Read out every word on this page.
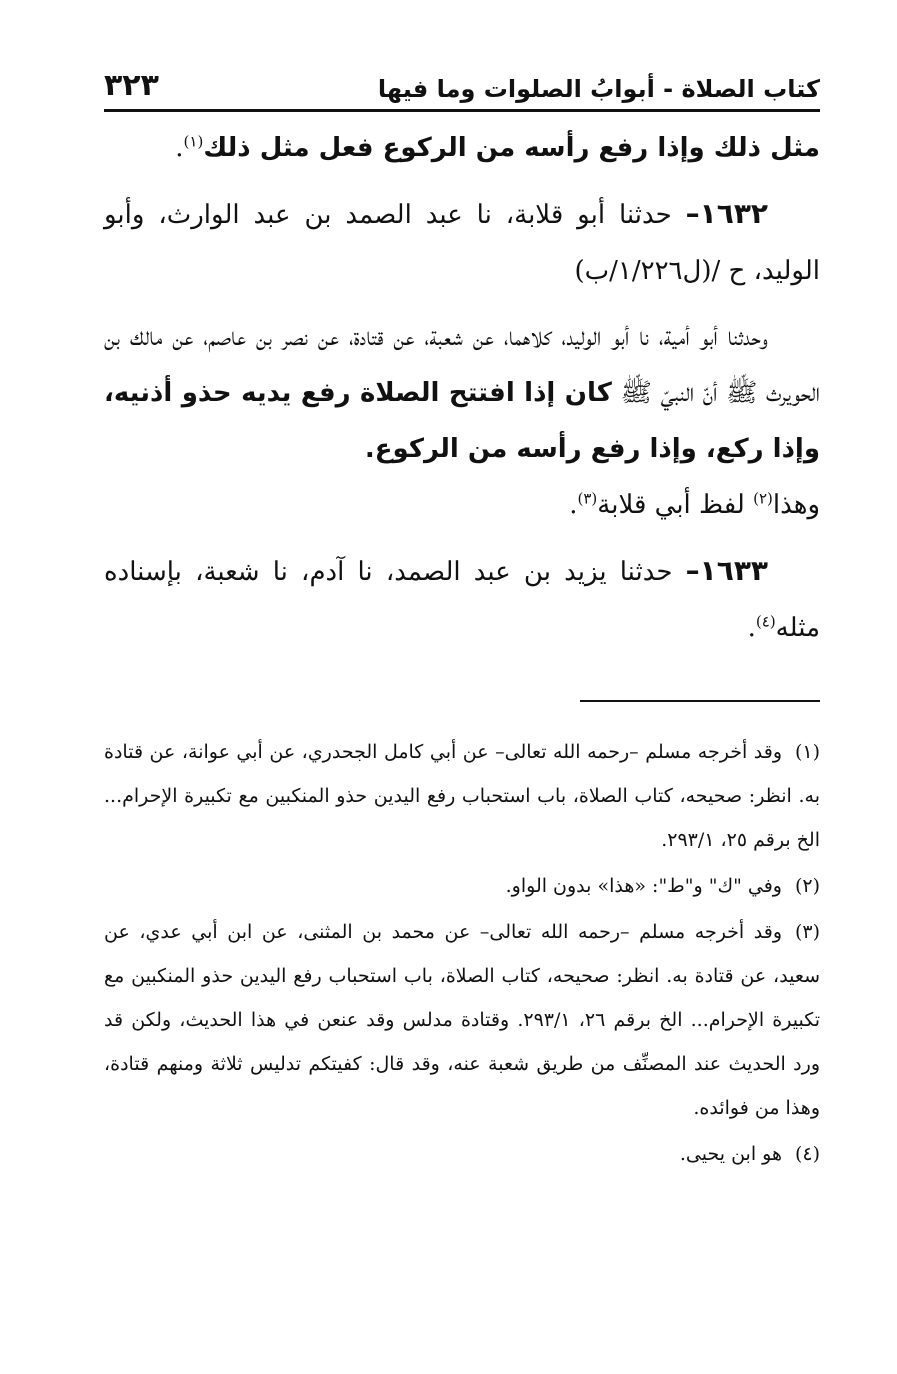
كتاب الصلاة - أبوابُ الصلوات وما فيها
٣٢٣

مثل ذلك وإذا رفع رأسه من الركوع فعل مثل ذلك$^{(١)}$.

١٦٣٢– حدثنا أبو قلابة، نا عبد الصمد بن عبد الوارث، وأبو الوليد، ح /(ل١/٢٢٦/ب)

وحدثنا أبو أمية، نا أبو الوليد، كلاهما، عن شعبة، عن قتادة، عن نصر بن عاصم، عن مالك بن الحويرث ﷺ أنّ النبيّ ﷺ كان إذا افتتح الصلاة رفع يديه حذو أذنيه، وإذا ركع، وإذا رفع رأسه من الركوع.

وهذا$^{(٢)}$ لفظ أبي قلابة$^{(٣)}$.

١٦٣٣– حدثنا يزيد بن عبد الصمد، نا آدم، نا شعبة، بإسناده مثله$^{(٤)}$.

(١)وقد أخرجه مسلم –رحمه الله تعالى– عن أبي كامل الجحدري، عن أبي عوانة، عن قتادة به. انظر: صحيحه، كتاب الصلاة، باب استحباب رفع اليدين حذو المنكبين مع تكبيرة الإحرام... الخ برقم ٢٥، ٢٩٣/١.

(٢)وفي "ك" و"ط": «هذا» بدون الواو.

(٣)وقد أخرجه مسلم –رحمه الله تعالى– عن محمد بن المثنى، عن ابن أبي عدي، عن سعيد، عن قتادة به. انظر: صحيحه، كتاب الصلاة، باب استحباب رفع اليدين حذو المنكبين مع تكبيرة الإحرام... الخ برقم ٢٦، ٢٩٣/١. وقتادة مدلس وقد عنعن في هذا الحديث، ولكن قد ورد الحديث عند المصنِّف من طريق شعبة عنه، وقد قال: كفيتكم تدليس ثلاثة ومنهم قتادة، وهذا من فوائده.

(٤)هو ابن يحيى.
